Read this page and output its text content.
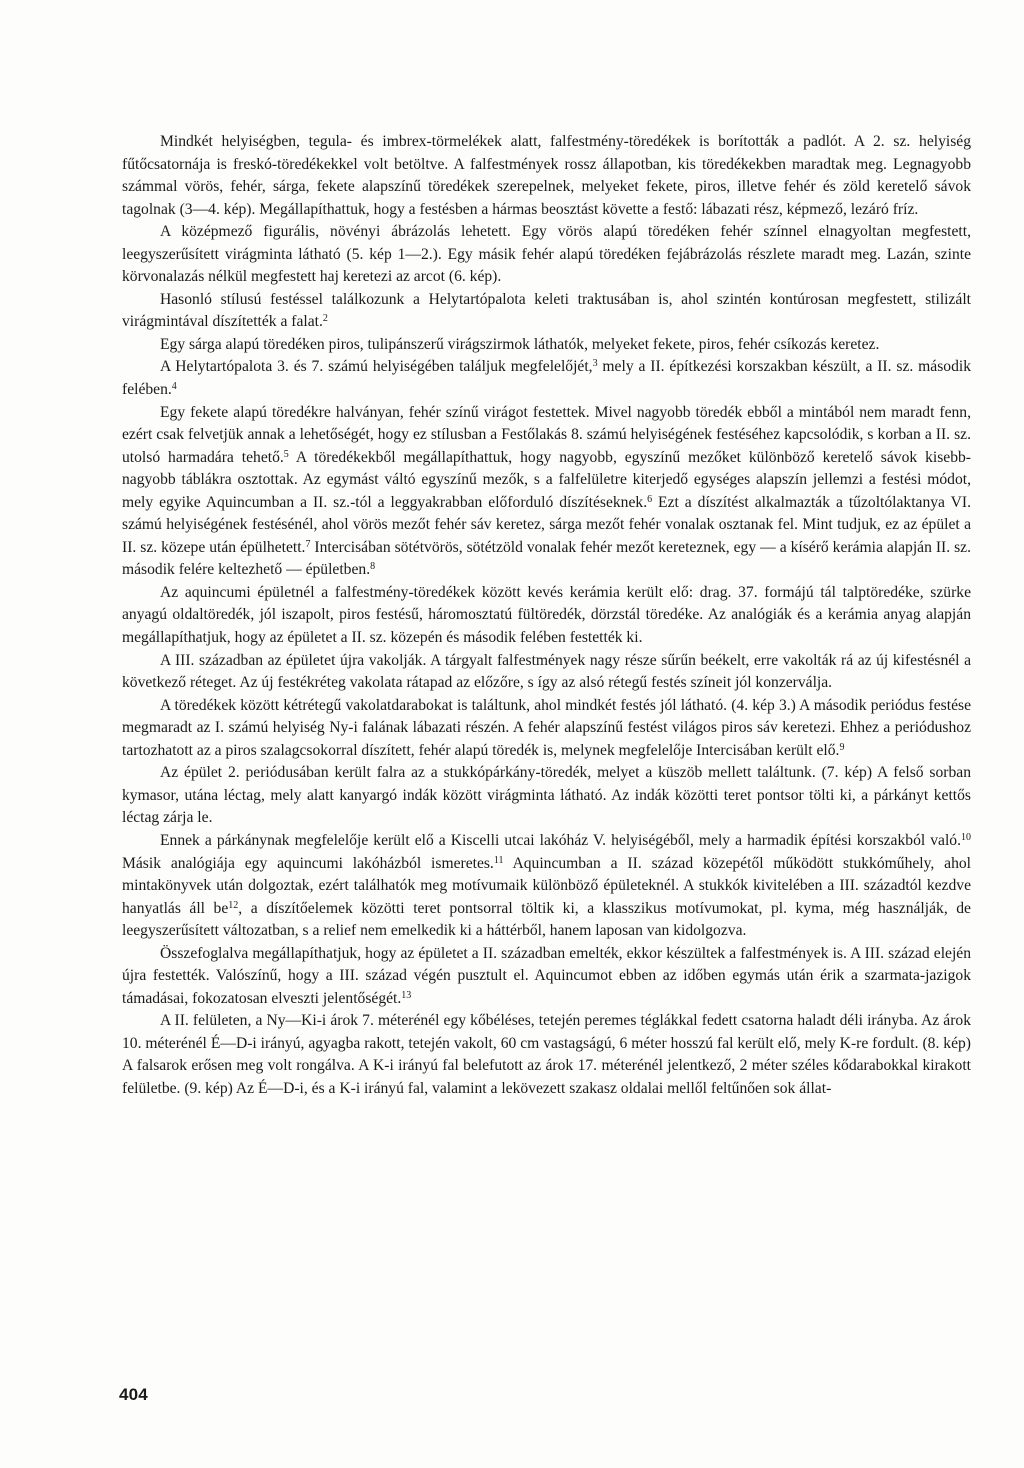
Mindkét helyiségben, tegula- és imbrex-törmelékek alatt, falfestmény-töredékek is borították a padlót. A 2. sz. helyiség fűtőcsatornája is freskó-töredékekkel volt betöltve. A falfestmények rossz állapotban, kis töredékekben maradtak meg. Legnagyobb számmal vörös, fehér, sárga, fekete alapszínű töredékek szerepelnek, melyeket fekete, piros, illetve fehér és zöld keretelő sávok tagolnak (3—4. kép). Megállapíthattuk, hogy a festésben a hármas beosztást követte a festő: lábazati rész, képmező, lezáró fríz.

A középmező figurális, növényi ábrázolás lehetett. Egy vörös alapú töredéken fehér színnel elnagyoltan megfestett, leegyszerűsített virágminta látható (5. kép 1—2.). Egy másik fehér alapú töredéken fejábrázolás részlete maradt meg. Lazán, szinte körvonalazás nélkül megfestett haj keretezi az arcot (6. kép).

Hasonló stílusú festéssel találkozunk a Helytartópalota keleti traktusában is, ahol szintén kontúrosan megfestett, stilizált virágmintával díszítették a falat.$^2$

Egy sárga alapú töredéken piros, tulipánszerű virágszirmok láthatók, melyeket fekete, piros, fehér csíkozás keretez.

A Helytartópalota 3. és 7. számú helyiségében találjuk megfelelőjét,$^3$ mely a II. építkezési korszakban készült, a II. sz. második felében.$^4$

Egy fekete alapú töredékre halványan, fehér színű virágot festettek. Mivel nagyobb töredék ebből a mintából nem maradt fenn, ezért csak felvetjük annak a lehetőségét, hogy ez stílusban a Festőlakás 8. számú helyiségének festéséhez kapcsolódik, s korban a II. sz. utolsó harmadára tehető.$^5$ A töredékekből megállapíthattuk, hogy nagyobb, egyszínű mezőket különböző keretelő sávok kisebb-nagyobb táblákra osztottak. Az egymást váltó egyszínű mezők, s a falfelületre kiterjedő egységes alapszín jellemzi a festési módot, mely egyike Aquincumban a II. sz.-tól a leggyakrabban előforduló díszítéseknek.$^6$ Ezt a díszítést alkalmazták a tűzoltólaktanya VI. számú helyiségének festésénél, ahol vörös mezőt fehér sáv keretez, sárga mezőt fehér vonalak osztanak fel. Mint tudjuk, ez az épület a II. sz. közepe után épülhetett.$^7$ Intercisában sötétvörös, sötétzöld vonalak fehér mezőt kereteznek, egy — a kísérő kerámia alapján II. sz. második felére keltezhető — épületben.$^8$

Az aquincumi épületnél a falfestmény-töredékek között kevés kerámia került elő: drag. 37. formájú tál talptöredéke, szürke anyagú oldaltöredék, jól iszapolt, piros festésű, háromosztatú fültöredék, dörzstál töredéke. Az analógiák és a kerámia anyag alapján megállapíthatjuk, hogy az épületet a II. sz. közepén és második felében festették ki.

A III. században az épületet újra vakolják. A tárgyalt falfestmények nagy része sűrűn beékelt, erre vakolták rá az új kifestésnél a következő réteget. Az új festékréteg vakolata rátapad az előzőre, s így az alsó rétegű festés színeit jól konzerválja.

A töredékek között kétrétegű vakolatdarabokat is találtunk, ahol mindkét festés jól látható. (4. kép 3.) A második periódus festése megmaradt az I. számú helyiség Ny-i falának lábazati részén. A fehér alapszínű festést világos piros sáv keretezi. Ehhez a periódushoz tartozhatott az a piros szalagcsokorral díszített, fehér alapú töredék is, melynek megfelelője Intercisában került elő.$^9$

Az épület 2. periódusában került falra az a stukkópárkány-töredék, melyet a küszöb mellett találtunk. (7. kép) A felső sorban kymasor, utána léctag, mely alatt kanyargó indák között virágminta látható. Az indák közötti teret pontsor tölti ki, a párkányt kettős léctag zárja le.

Ennek a párkánynak megfelelője került elő a Kiscelli utcai lakóház V. helyiségéből, mely a harmadik építési korszakból való.$^{10}$ Másik analógiája egy aquincumi lakóházból ismeretes.$^{11}$ Aquincumban a II. század közepétől működött stukkóműhely, ahol mintakönyvek után dolgoztak, ezért találhatók meg motívumaik különböző épületeknél. A stukkók kivitelében a III. századtól kezdve hanyatlás áll $be^{12}$, a díszítőelemek közötti teret pontsorral töltik ki, a klasszikus motívumokat, pl. kyma, még használják, de leegyszerűsített változatban, s a relief nem emelkedik ki a háttérből, hanem laposan van kidolgozva.

Összefoglalva megállapíthatjuk, hogy az épületet a II. században emelték, ekkor készültek a falfestmények is. A III. század elején újra festették. Valószínű, hogy a III. század végén pusztult el. Aquincumot ebben az időben egymás után érik a szarmata-jazigok támadásai, fokozatosan elveszti jelentőségét.$^{13}$

A II. felületen, a Ny—Ki-i árok 7. méterénél egy kőbéléses, tetején peremes téglákkal fedett csatorna haladt déli irányba. Az árok 10. méterénél É—D-i irányú, agyagba rakott, tetején vakolt, 60 cm vastagságú, 6 méter hosszú fal került elő, mely K-re fordult. (8. kép) A falsarok erősen meg volt rongálva. A K-i irányú fal belefutott az árok 17. méterénél jelentkező, 2 méter széles kődarabokkal kirakott felületbe. (9. kép) Az É—D-i, és a K-i irányú fal, valamint a lekövezett szakasz oldalai mellől feltűnően sok állat-

404
